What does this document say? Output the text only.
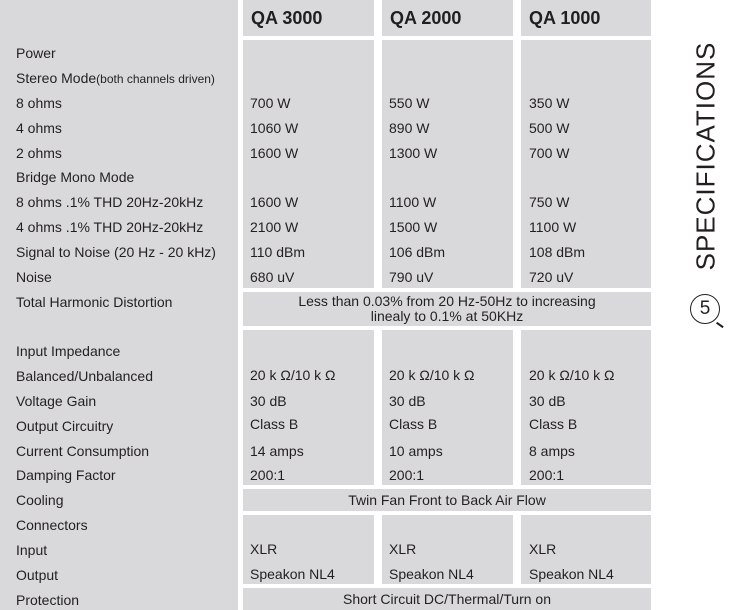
QA 3000	QA 2000	QA 1000
Power
Stereo Mode(both channels driven)
8 ohms
4 ohms
2 ohms
Bridge Mono Mode
8 ohms .1% THD 20Hz-20kHz
4 ohms .1% THD 20Hz-20kHz
Signal to Noise (20 Hz - 20 kHz)
Noise
Total Harmonic Distortion
Input Impedance
Balanced/Unbalanced
Voltage Gain
Output Circuitry
Current Consumption
Damping Factor
Cooling
Connectors
Input
Output
Protection
700 W
1060 W
1600 W
1600 W
2100 W
110 dBm
680 uV
20 k Ω/10 k Ω
30 dB
Class B
14 amps
200:1
XLR
Speakon NL4
550 W
890 W
1300 W
1100 W
1500 W
106 dBm
790 uV
20 k Ω/10 k Ω
30 dB
Class B
10 amps
200:1
XLR
Speakon NL4
350 W
500 W
700 W
750 W
1100 W
108 dBm
720 uV
20 k Ω/10 k Ω
30 dB
Class B
8 amps
200:1
XLR
Speakon NL4
Less than 0.03% from 20 Hz-50Hz to increasing
linealy to 0.1% at 50KHz
Twin Fan Front to Back Air Flow
Short Circuit DC/Thermal/Turn on
SPECIFICATIONS
5
